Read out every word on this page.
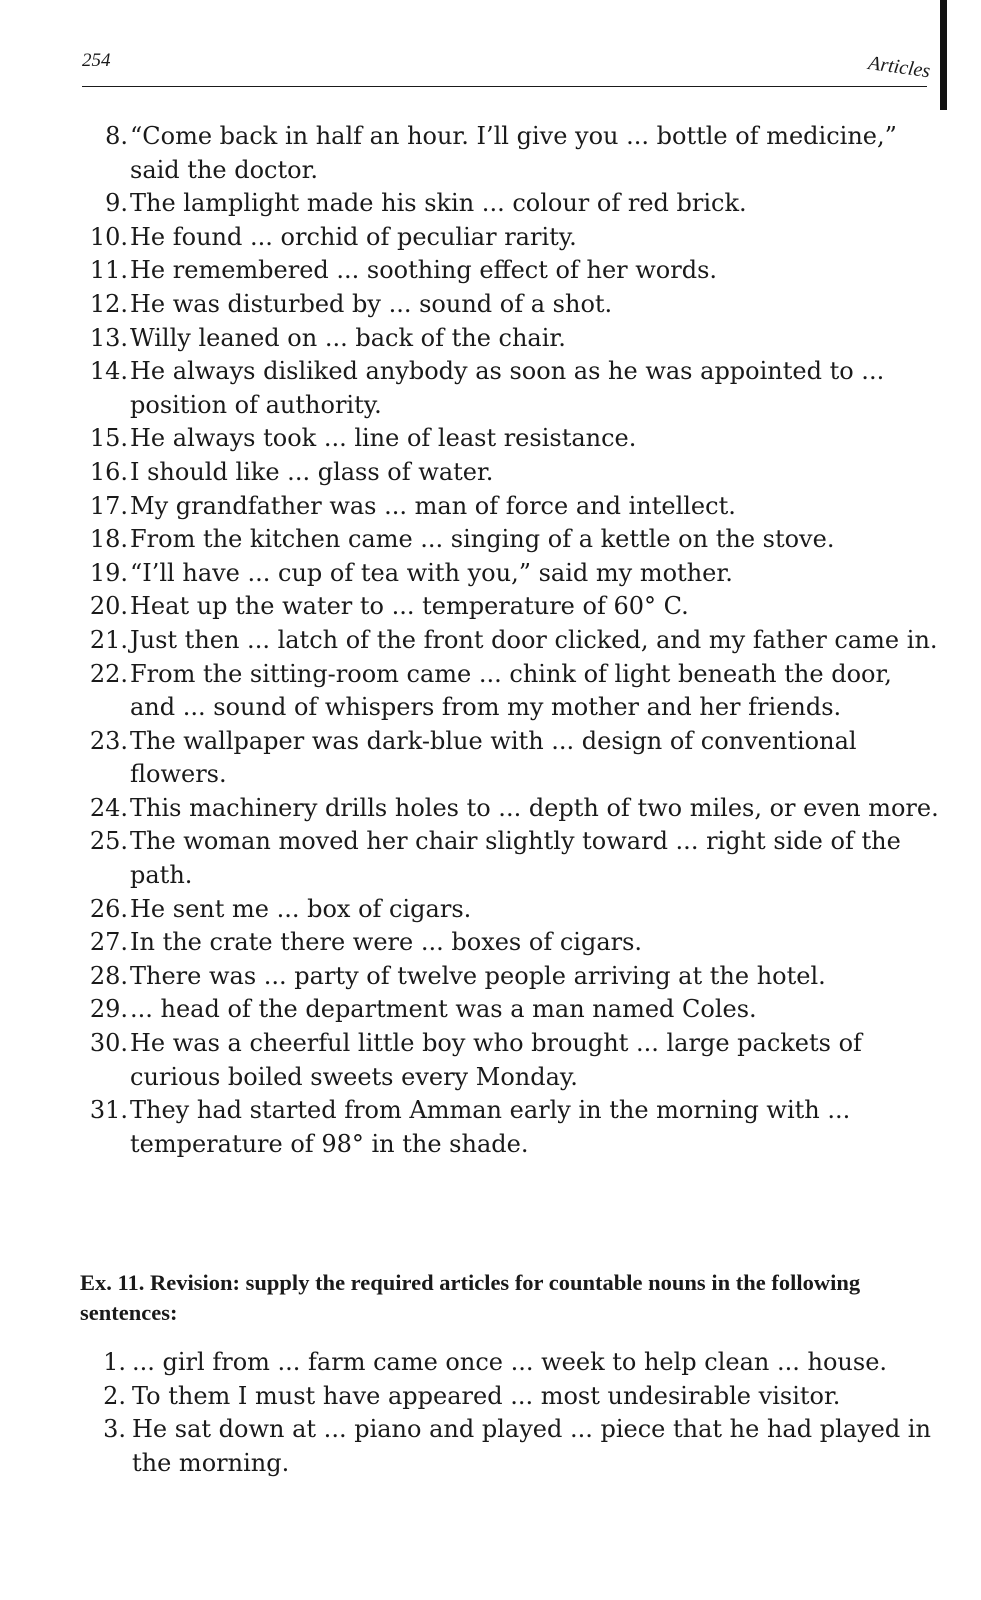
254	Articles
8. “Come back in half an hour. I’ll give you ... bottle of medicine,” said the doctor.
9. The lamplight made his skin ... colour of red brick.
10. He found ... orchid of peculiar rarity.
11. He remembered ... soothing effect of her words.
12. He was disturbed by ... sound of a shot.
13. Willy leaned on ... back of the chair.
14. He always disliked anybody as soon as he was appointed to ... position of authority.
15. He always took ... line of least resistance.
16. I should like ... glass of water.
17. My grandfather was ... man of force and intellect.
18. From the kitchen came ... singing of a kettle on the stove.
19. “I’ll have ... cup of tea with you,” said my mother.
20. Heat up the water to ... temperature of 60° C.
21. Just then ... latch of the front door clicked, and my father came in.
22. From the sitting-room came ... chink of light beneath the door, and ... sound of whispers from my mother and her friends.
23. The wallpaper was dark-blue with ... design of conventional flowers.
24. This machinery drills holes to ... depth of two miles, or even more.
25. The woman moved her chair slightly toward ... right side of the path.
26. He sent me ... box of cigars.
27. In the crate there were ... boxes of cigars.
28. There was ... party of twelve people arriving at the hotel.
29. ... head of the department was a man named Coles.
30. He was a cheerful little boy who brought ... large packets of curious boiled sweets every Monday.
31. They had started from Amman early in the morning with ... temperature of 98° in the shade.
Ex. 11. Revision: supply the required articles for countable nouns in the following sentences:
1. ... girl from ... farm came once ... week to help clean ... house.
2. To them I must have appeared ... most undesirable visitor.
3. He sat down at ... piano and played ... piece that he had played in the morning.
